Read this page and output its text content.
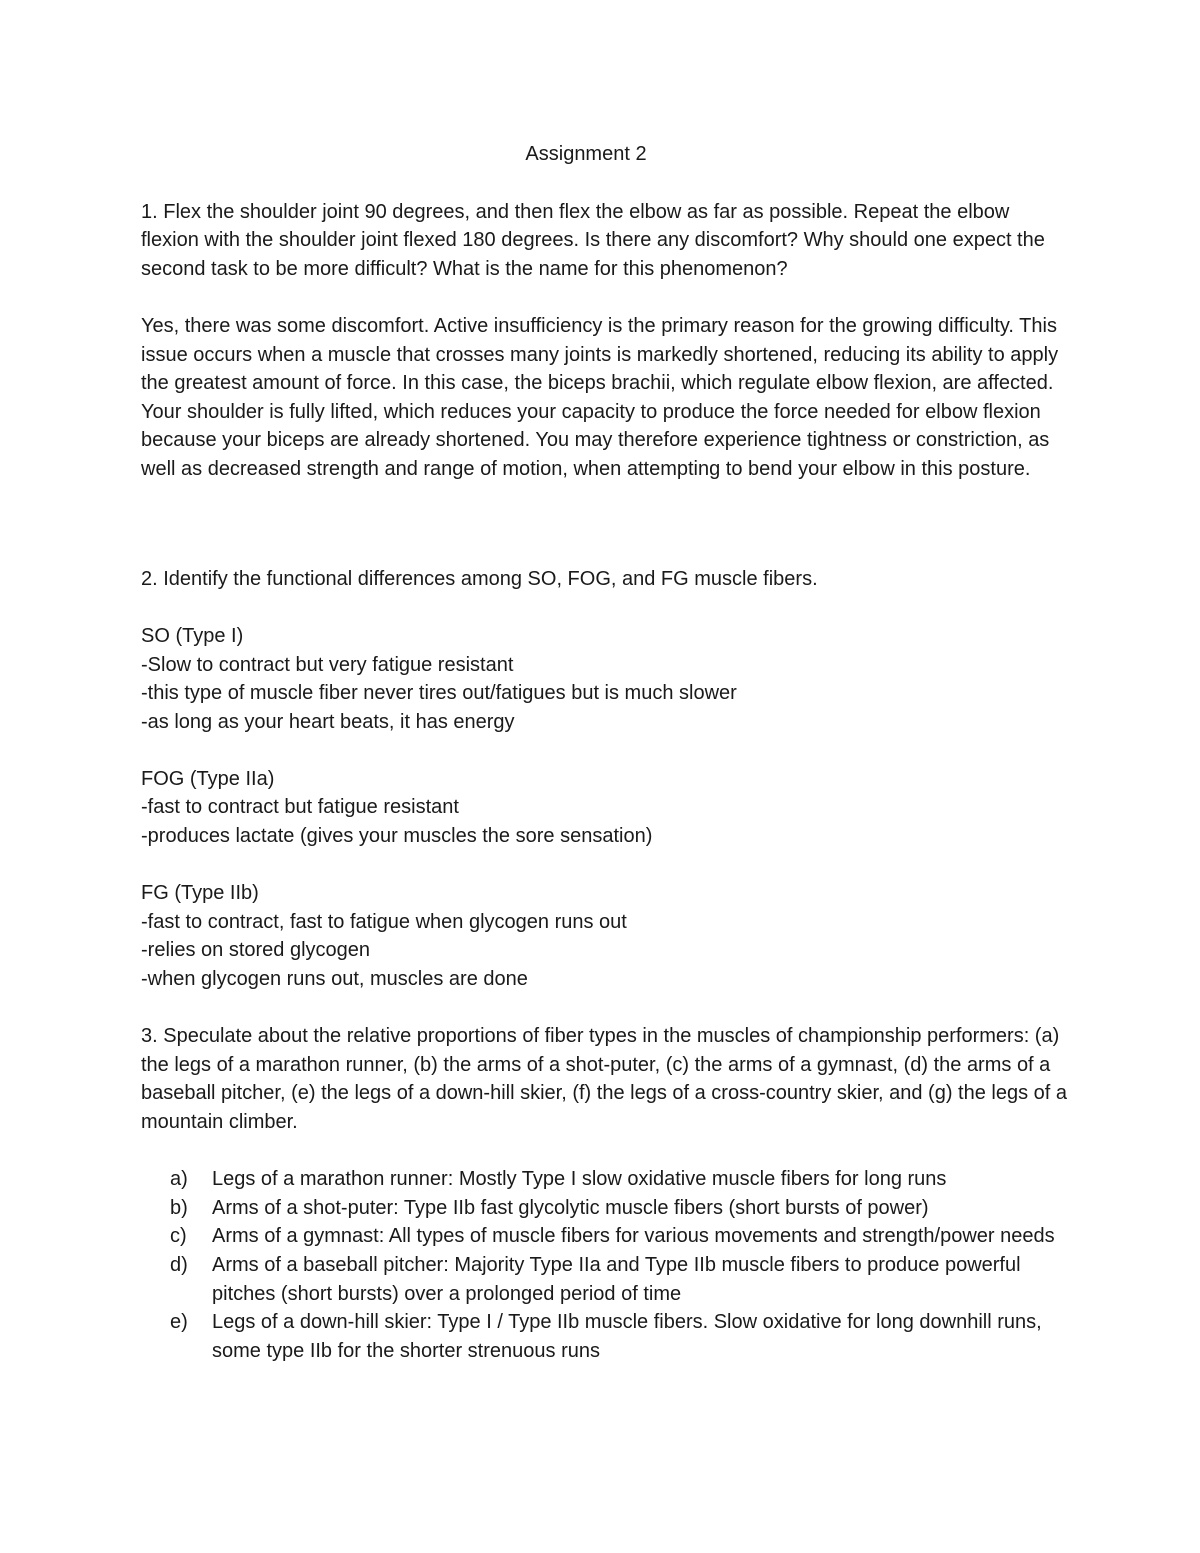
Assignment 2

1. Flex the shoulder joint 90 degrees, and then flex the elbow as far as possible. Repeat the elbow flexion with the shoulder joint flexed 180 degrees. Is there any discomfort? Why should one expect the second task to be more difficult? What is the name for this phenomenon?

Yes, there was some discomfort. Active insufficiency is the primary reason for the growing difficulty. This issue occurs when a muscle that crosses many joints is markedly shortened, reducing its ability to apply the greatest amount of force. In this case, the biceps brachii, which regulate elbow flexion, are affected. Your shoulder is fully lifted, which reduces your capacity to produce the force needed for elbow flexion because your biceps are already shortened. You may therefore experience tightness or constriction, as well as decreased strength and range of motion, when attempting to bend your elbow in this posture.

2. Identify the functional differences among SO, FOG, and FG muscle fibers.

SO (Type I)

-Slow to contract but very fatigue resistant

-this type of muscle fiber never tires out/fatigues but is much slower

-as long as your heart beats, it has energy

FOG (Type IIa)

-fast to contract but fatigue resistant

-produces lactate (gives your muscles the sore sensation)

FG (Type IIb)

-fast to contract, fast to fatigue when glycogen runs out

-relies on stored glycogen

-when glycogen runs out, muscles are done

3. Speculate about the relative proportions of fiber types in the muscles of championship performers: (a) the legs of a marathon runner, (b) the arms of a shot-puter, (c) the arms of a gymnast, (d) the arms of a baseball pitcher, (e) the legs of a down-hill skier, (f) the legs of a cross-country skier, and (g) the legs of a mountain climber.

a)	Legs of a marathon runner: Mostly Type I slow oxidative muscle fibers for long runs
b)	Arms of a shot-puter: Type IIb fast glycolytic muscle fibers (short bursts of power)
c)	Arms of a gymnast: All types of muscle fibers for various movements and strength/power needs
d)	Arms of a baseball pitcher: Majority Type IIa and Type IIb muscle fibers to produce powerful pitches (short bursts) over a prolonged period of time
e)	Legs of a down-hill skier: Type I / Type IIb muscle fibers. Slow oxidative for long downhill runs, some type IIb for the shorter strenuous runs
